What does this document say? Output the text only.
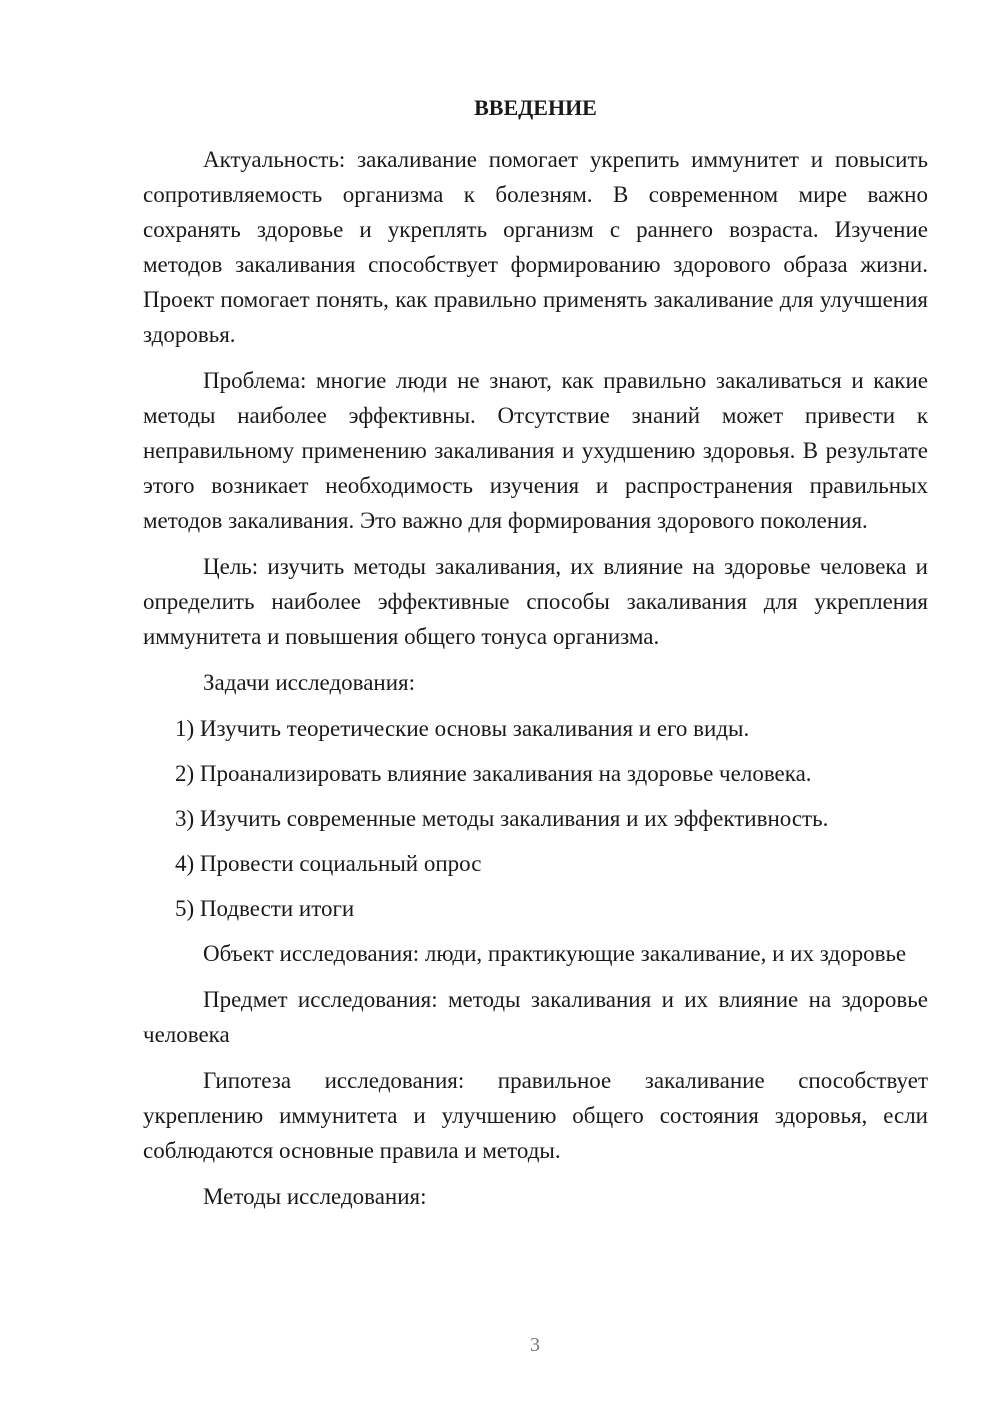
ВВЕДЕНИЕ

Актуальность: закаливание помогает укрепить иммунитет и повысить сопротивляемость организма к болезням. В современном мире важно сохранять здоровье и укреплять организм с раннего возраста. Изучение методов закаливания способствует формированию здорового образа жизни. Проект помогает понять, как правильно применять закаливание для улучшения здоровья.

Проблема: многие люди не знают, как правильно закаливаться и какие методы наиболее эффективны. Отсутствие знаний может привести к неправильному применению закаливания и ухудшению здоровья. В результате этого возникает необходимость изучения и распространения правильных методов закаливания. Это важно для формирования здорового поколения.

Цель: изучить методы закаливания, их влияние на здоровье человека и определить наиболее эффективные способы закаливания для укрепления иммунитета и повышения общего тонуса организма.

Задачи исследования:

1) Изучить теоретические основы закаливания и его виды.
2) Проанализировать влияние закаливания на здоровье человека.
3) Изучить современные методы закаливания и их эффективность.
4) Провести социальный опрос
5) Подвести итоги

Объект исследования: люди, практикующие закаливание, и их здоровье

Предмет исследования: методы закаливания и их влияние на здоровье человека

Гипотеза исследования: правильное закаливание способствует укреплению иммунитета и улучшению общего состояния здоровья, если соблюдаются основные правила и методы.

Методы исследования:

3
